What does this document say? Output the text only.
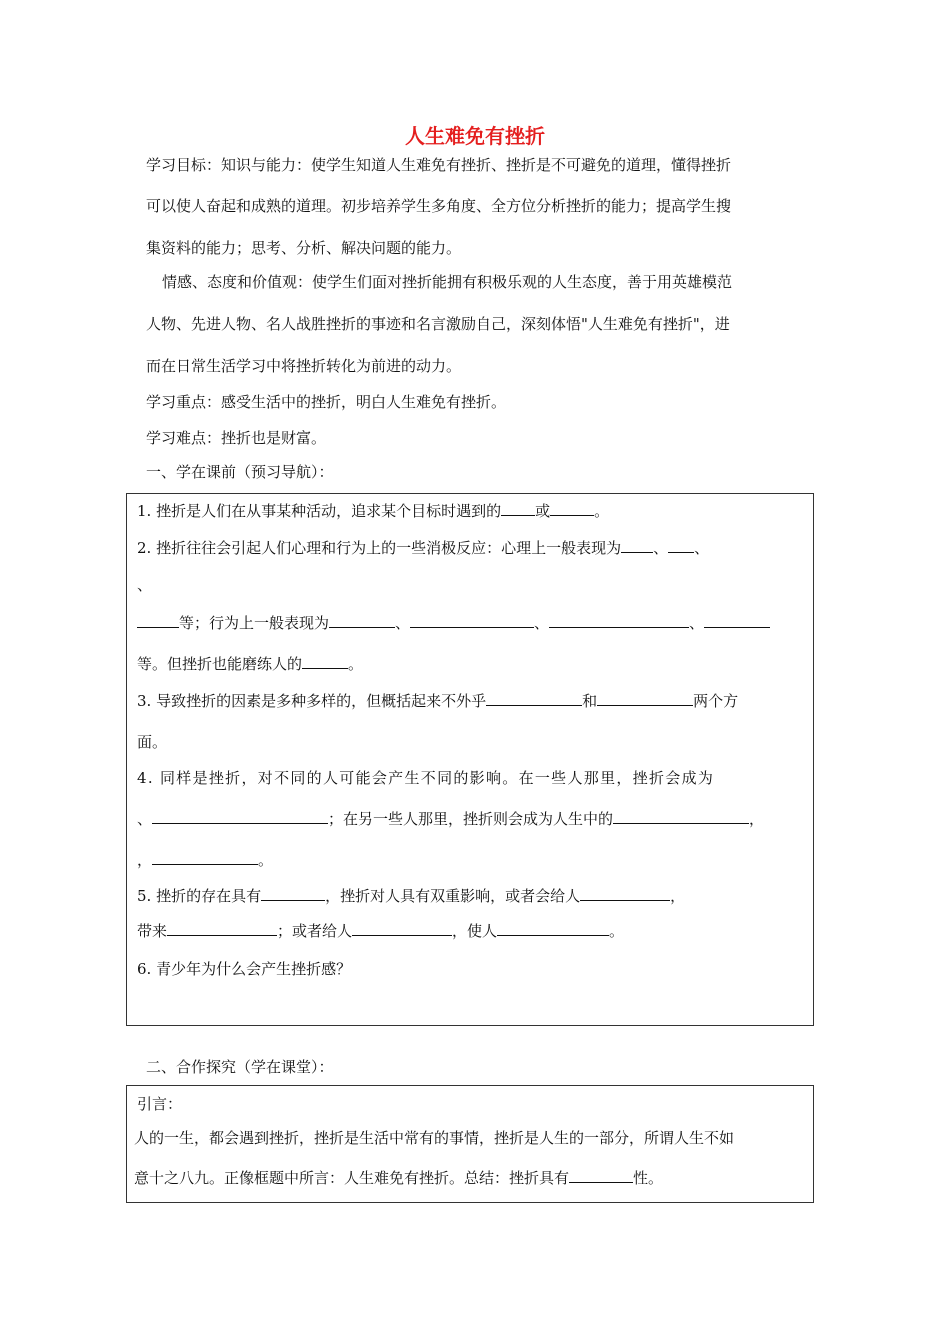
人生难免有挫折
学习目标：知识与能力：使学生知道人生难免有挫折、挫折是不可避免的道理，懂得挫折
可以使人奋起和成熟的道理。初步培养学生多角度、全方位分析挫折的能力；提高学生搜
集资料的能力；思考、分析、解决问题的能力。
情感、态度和价值观：使学生们面对挫折能拥有积极乐观的人生态度，善于用英雄模范
人物、先进人物、名人战胜挫折的事迹和名言激励自己，深刻体悟"人生难免有挫折"，进
而在日常生活学习中将挫折转化为前进的动力。
学习重点：感受生活中的挫折，明白人生难免有挫折。
学习难点：挫折也是财富。
一、学在课前（预习导航）：
1. 挫折是人们在从事某种活动，追求某个目标时遇到的 或	。
2. 挫折往往会引起人们心理和行为上的一些消极反应：心理上一般表现为 、 、
、
等；行为上一般表现为	、	、	、
等。但挫折也能磨练人的	。
3. 导致挫折的因素是多种多样的，但概括起来不外乎	和	两个方
面。
4. 同样是挫折，对不同的人可能会产生不同的影响。在一些人那里，挫折会成为
、	；在另一些人那里，挫折则会成为人生中的	，
，	。
5. 挫折的存在具有	，挫折对人具有双重影响，或者会给人	，
带来	；或者给人	，使人	。
6. 青少年为什么会产生挫折感？
二、合作探究（学在课堂）：
引言：
人的一生，都会遇到挫折，挫折是生活中常有的事情，挫折是人生的一部分，所谓人生不如
意十之八九。正像框题中所言：人生难免有挫折。总结：挫折具有	性。
